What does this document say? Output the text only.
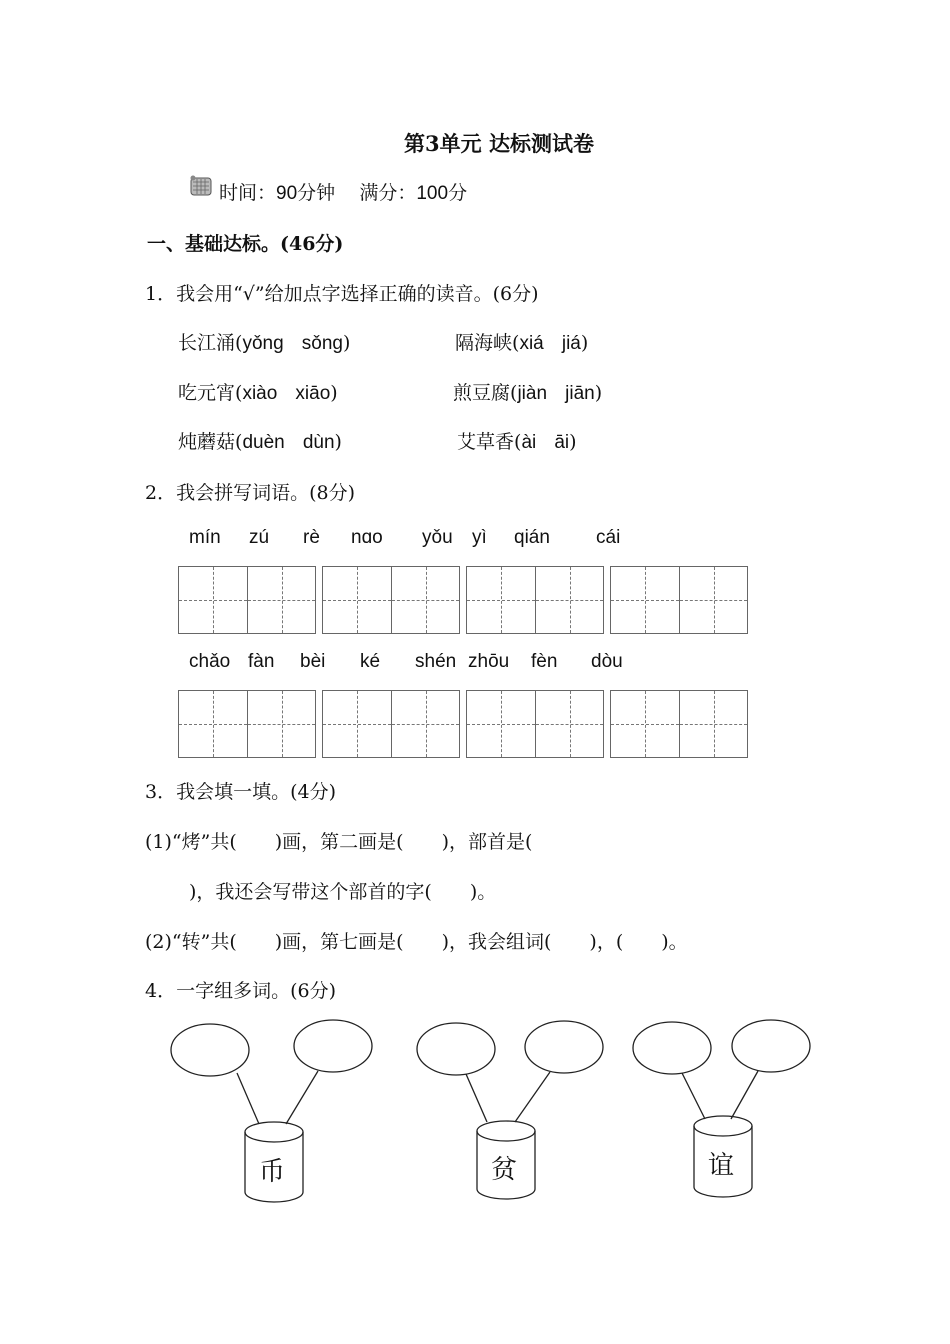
第3单元 达标测试卷
时间：90分钟 满分：100分
一、基础达标。(46分)
1．我会用“√”给加点字选择正确的读音。(6分)
长江涌(yǒng sǒng)	隔海峡(xiá jiá)
吃元宵(xiào xiāo)	煎豆腐(jiàn jiān)
炖蘑菇(duèn dùn)	艾草香(ài āi)
2．我会拼写词语。(8分)
mín zú rè nɑo yǒu yì qián cái
chǎo fàn bèi ké shén zhōu fèn dòu
3．我会填一填。(4分)
(1)“烤”共(　　)画，第二画是(　　)，部首是(
)，我还会写带这个部首的字(　　)。
(2)“转”共(　　)画，第七画是(　　)，我会组词(　　)，(　　)。
4．一字组多词。(6分)
币	贫	谊
